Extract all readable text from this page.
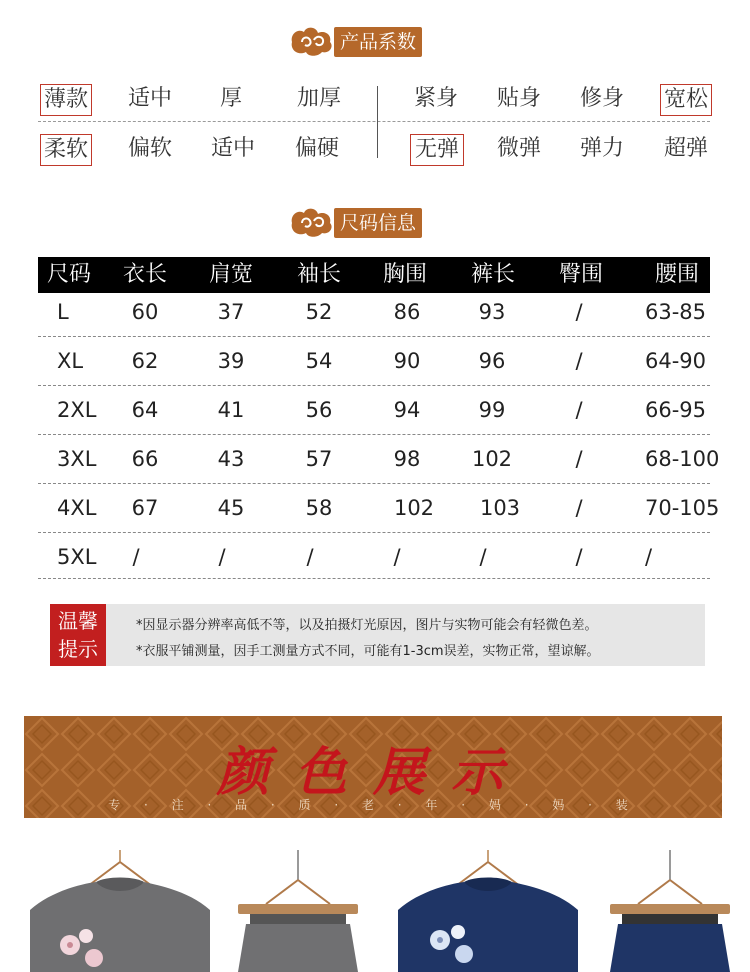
产品系数
薄款	适中	厚	加厚	紧身	贴身	修身	宽松
柔软	偏软	适中	偏硬	无弹	微弹	弹力	超弹
尺码信息
尺码	衣长	肩宽	袖长	胸围	裤长	臀围	腰围
L	60	37	52	86	93	/	63-85
XL	62	39	54	90	96	/	64-90
2XL	64	41	56	94	99	/	66-95
3XL	66	43	57	98	102	/	68-100
4XL	67	45	58	102	103	/	70-105
5XL	/	/	/	/	/	/	/
温馨
提示
*因显示器分辨率高低不等，以及拍摄灯光原因，图片与实物可能会有轻微色差。
*衣服平铺测量，因手工测量方式不同，可能有1-3cm误差，实物正常，望谅解。
颜色展示
专 · 注 · 品 · 质 · 老 · 年 · 妈 · 妈 · 装
